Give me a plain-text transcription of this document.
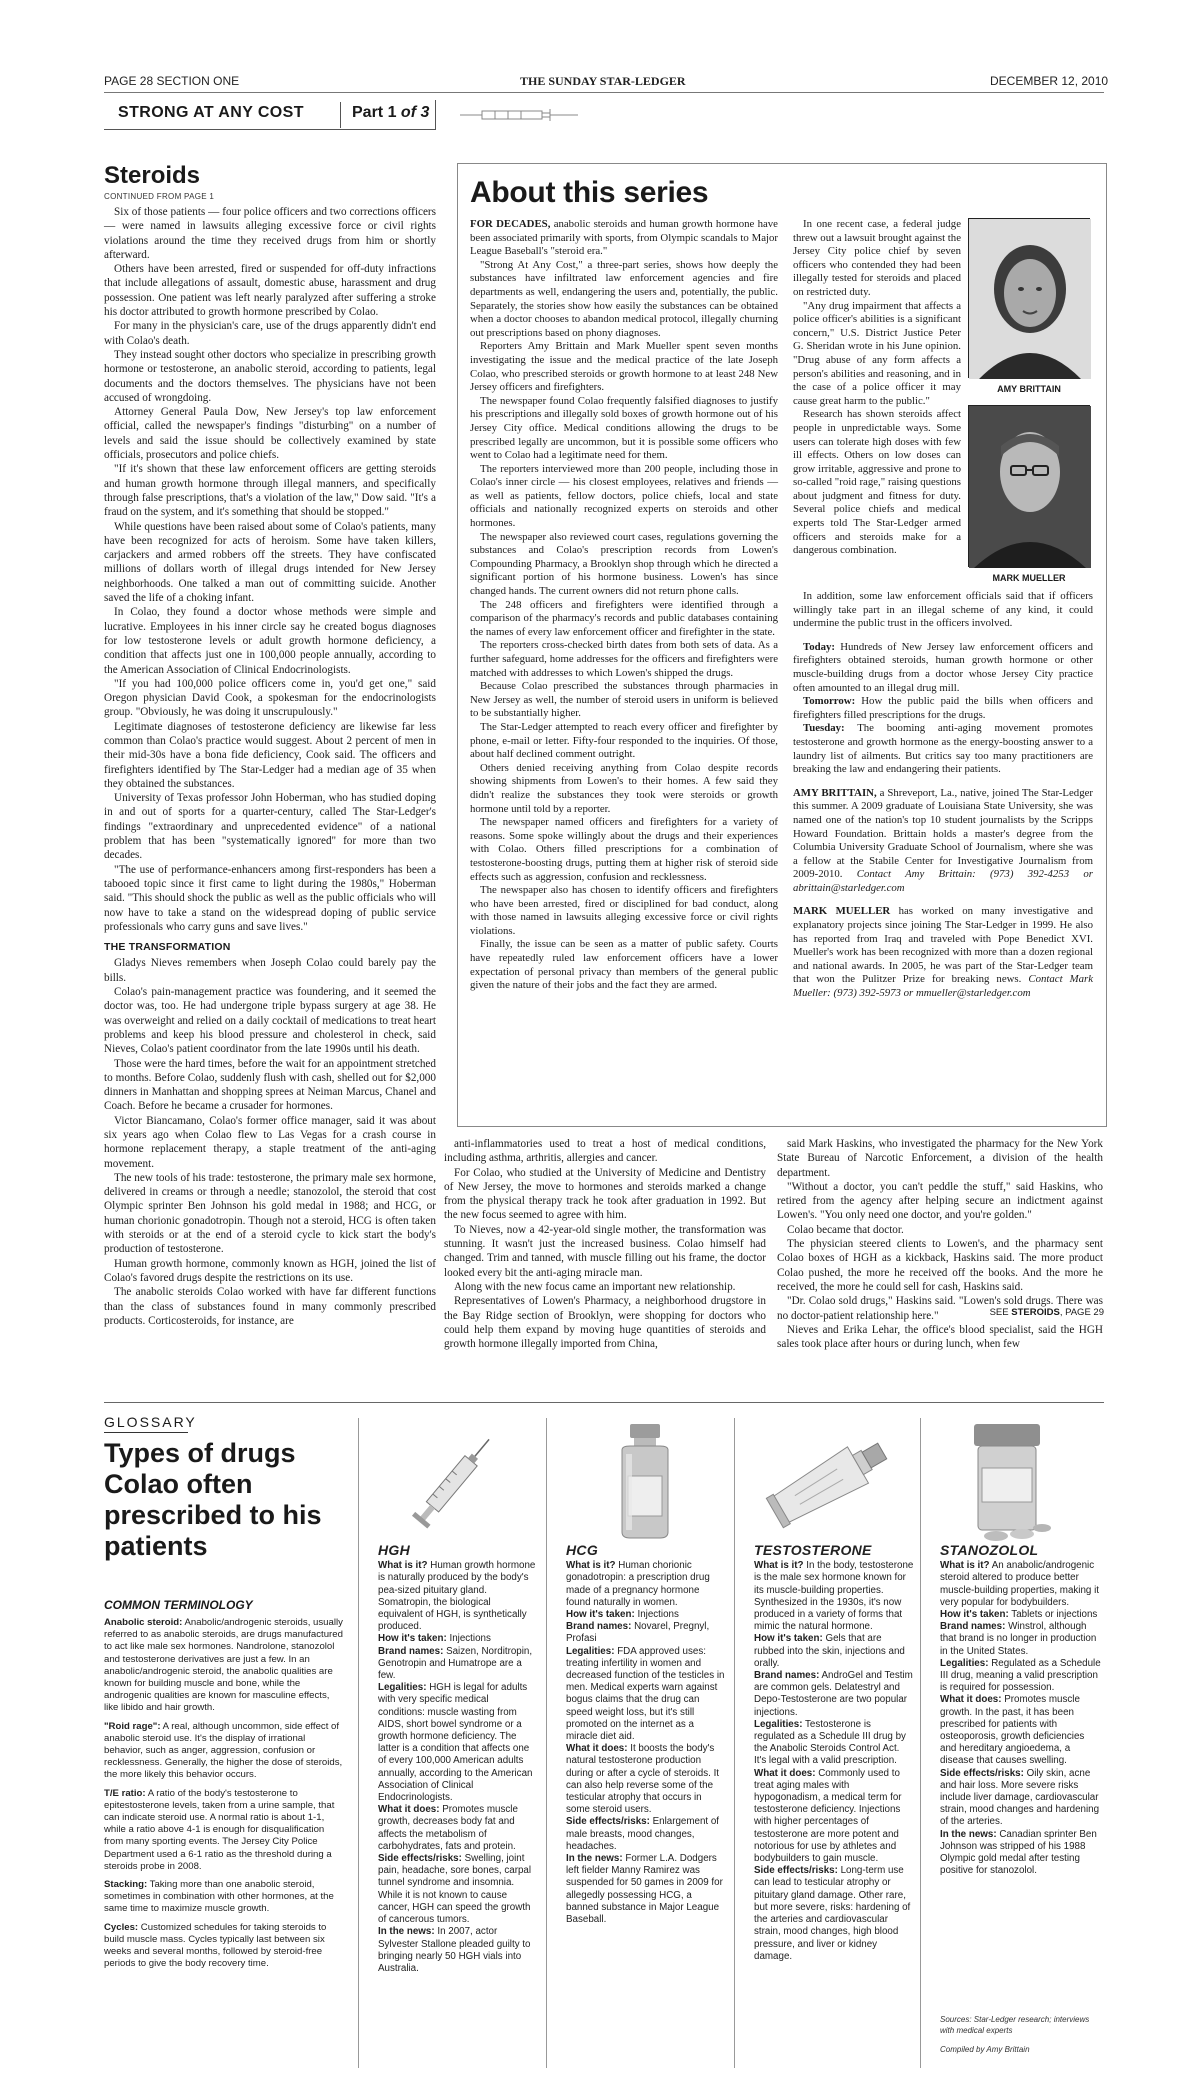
PAGE 28 SECTION ONE	THE SUNDAY STAR-LEDGER	DECEMBER 12, 2010
STRONG AT ANY COST	Part 1 of 3
Steroids
CONTINUED FROM PAGE 1

Six of those patients — four police officers and two corrections officers — were named in lawsuits alleging excessive force or civil rights violations around the time they received drugs from him or shortly afterward.

Others have been arrested, fired or suspended for off-duty infractions that include allegations of assault, domestic abuse, harassment and drug possession. One patient was left nearly paralyzed after suffering a stroke his doctor attributed to growth hormone prescribed by Colao.

For many in the physician's care, use of the drugs apparently didn't end with Colao's death.

They instead sought other doctors who specialize in prescribing growth hormone or testosterone, an anabolic steroid, according to patients, legal documents and the doctors themselves. The physicians have not been accused of wrongdoing.

Attorney General Paula Dow, New Jersey's top law enforcement official, called the newspaper's findings "disturbing" on a number of levels and said the issue should be collectively examined by state officials, prosecutors and police chiefs.

"If it's shown that these law enforcement officers are getting steroids and human growth hormone through illegal manners, and specifically through false prescriptions, that's a violation of the law," Dow said. "It's a fraud on the system, and it's something that should be stopped."

While questions have been raised about some of Colao's patients, many have been recognized for acts of heroism. Some have taken killers, carjackers and armed robbers off the streets. They have confiscated millions of dollars worth of illegal drugs intended for New Jersey neighborhoods. One talked a man out of committing suicide. Another saved the life of a choking infant.

In Colao, they found a doctor whose methods were simple and lucrative. Employees in his inner circle say he created bogus diagnoses for low testosterone levels or adult growth hormone deficiency, a condition that affects just one in 100,000 people annually, according to the American Association of Clinical Endocrinologists.

"If you had 100,000 police officers come in, you'd get one," said Oregon physician David Cook, a spokesman for the endocrinologists group. "Obviously, he was doing it unscrupulously."

Legitimate diagnoses of testosterone deficiency are likewise far less common than Colao's practice would suggest. About 2 percent of men in their mid-30s have a bona fide deficiency, Cook said. The officers and firefighters identified by The Star-Ledger had a median age of 35 when they obtained the substances.

University of Texas professor John Hoberman, who has studied doping in and out of sports for a quarter-century, called The Star-Ledger's findings "extraordinary and unprecedented evidence" of a national problem that has been "systematically ignored" for more than two decades.

"The use of performance-enhancers among first-responders has been a tabooed topic since it first came to light during the 1980s," Hoberman said. "This should shock the public as well as the public officials who will now have to take a stand on the widespread doping of public service professionals who carry guns and save lives."

THE TRANSFORMATION

Gladys Nieves remembers when Joseph Colao could barely pay the bills.

Colao's pain-management practice was foundering, and it seemed the doctor was, too. He had undergone triple bypass surgery at age 38. He was overweight and relied on a daily cocktail of medications to treat heart problems and keep his blood pressure and cholesterol in check, said Nieves, Colao's patient coordinator from the late 1990s until his death.

Those were the hard times, before the wait for an appointment stretched to months. Before Colao, suddenly flush with cash, shelled out for $2,000 dinners in Manhattan and shopping sprees at Neiman Marcus, Chanel and Coach. Before he became a crusader for hormones.

Victor Biancamano, Colao's former office manager, said it was about six years ago when Colao flew to Las Vegas for a crash course in hormone replacement therapy, a staple treatment of the anti-aging movement.

The new tools of his trade: testosterone, the primary male sex hormone, delivered in creams or through a needle; stanozolol, the steroid that cost Olympic sprinter Ben Johnson his gold medal in 1988; and HCG, or human chorionic gonadotropin. Though not a steroid, HCG is often taken with steroids or at the end of a steroid cycle to kick start the body's production of testosterone.

Human growth hormone, commonly known as HGH, joined the list of Colao's favored drugs despite the restrictions on its use.

The anabolic steroids Colao worked with have far different functions than the class of substances found in many commonly prescribed products. Corticosteroids, for instance, are

About this series

FOR DECADES, anabolic steroids and human growth hormone have been associated primarily with sports, from Olympic scandals to Major League Baseball's "steroid era."

"Strong At Any Cost," a three-part series, shows how deeply the substances have infiltrated law enforcement agencies and fire departments as well, endangering the users and, potentially, the public. Separately, the stories show how easily the substances can be obtained when a doctor chooses to abandon medical protocol, illegally churning out prescriptions based on phony diagnoses.

Reporters Amy Brittain and Mark Mueller spent seven months investigating the issue and the medical practice of the late Joseph Colao, who prescribed steroids or growth hormone to at least 248 New Jersey officers and firefighters.

The newspaper found Colao frequently falsified diagnoses to justify his prescriptions and illegally sold boxes of growth hormone out of his Jersey City office. Medical conditions allowing the drugs to be prescribed legally are uncommon, but it is possible some officers who went to Colao had a legitimate need for them.

The reporters interviewed more than 200 people, including those in Colao's inner circle — his closest employees, relatives and friends — as well as patients, fellow doctors, police chiefs, local and state officials and nationally recognized experts on steroids and other hormones.

The newspaper also reviewed court cases, regulations governing the substances and Colao's prescription records from Lowen's Compounding Pharmacy, a Brooklyn shop through which he directed a significant portion of his hormone business. Lowen's has since changed hands. The current owners did not return phone calls.

The 248 officers and firefighters were identified through a comparison of the pharmacy's records and public databases containing the names of every law enforcement officer and firefighter in the state.

The reporters cross-checked birth dates from both sets of data. As a further safeguard, home addresses for the officers and firefighters were matched with addresses to which Lowen's shipped the drugs.

Because Colao prescribed the substances through pharmacies in New Jersey as well, the number of steroid users in uniform is believed to be substantially higher.

The Star-Ledger attempted to reach every officer and firefighter by phone, e-mail or letter. Fifty-four responded to the inquiries. Of those, about half declined comment outright.

Others denied receiving anything from Colao despite records showing shipments from Lowen's to their homes. A few said they didn't realize the substances they took were steroids or growth hormone until told by a reporter.

The newspaper named officers and firefighters for a variety of reasons. Some spoke willingly about the drugs and their experiences with Colao. Others filled prescriptions for a combination of testosterone-boosting drugs, putting them at higher risk of steroid side effects such as aggression, confusion and recklessness.

The newspaper also has chosen to identify officers and firefighters who have been arrested, fired or disciplined for bad conduct, along with those named in lawsuits alleging excessive force or civil rights violations.

Finally, the issue can be seen as a matter of public safety. Courts have repeatedly ruled law enforcement officers have a lower expectation of personal privacy than members of the general public given the nature of their jobs and the fact they are armed.

AMY BRITTAIN
MARK MUELLER

In one recent case, a federal judge threw out a lawsuit brought against the Jersey City police chief by seven officers who contended they had been illegally tested for steroids and placed on restricted duty.

"Any drug impairment that affects a police officer's abilities is a significant concern," U.S. District Justice Peter G. Sheridan wrote in his June opinion. "Drug abuse of any form affects a person's abilities and reasoning, and in the case of a police officer it may cause great harm to the public."

Research has shown steroids affect people in unpredictable ways. Some users can tolerate high doses with few ill effects. Others on low doses can grow irritable, aggressive and prone to so-called "roid rage," raising questions about judgment and fitness for duty. Several police chiefs and medical experts told The Star-Ledger armed officers and steroids make for a dangerous combination.

In addition, some law enforcement officials said that if officers willingly take part in an illegal scheme of any kind, it could undermine the public trust in the officers involved.

Today: Hundreds of New Jersey law enforcement officers and firefighters obtained steroids, human growth hormone or other muscle-building drugs from a doctor whose Jersey City practice often amounted to an illegal drug mill.

Tomorrow: How the public paid the bills when officers and firefighters filled prescriptions for the drugs.

Tuesday: The booming anti-aging movement promotes testosterone and growth hormone as the energy-boosting answer to a laundry list of ailments. But critics say too many practitioners are breaking the law and endangering their patients.

AMY BRITTAIN, a Shreveport, La., native, joined The Star-Ledger this summer. A 2009 graduate of Louisiana State University, she was named one of the nation's top 10 student journalists by the Scripps Howard Foundation. Brittain holds a master's degree from the Columbia University Graduate School of Journalism, where she was a fellow at the Stabile Center for Investigative Journalism from 2009-2010. Contact Amy Brittain: (973) 392-4253 or abrittain@starledger.com

MARK MUELLER has worked on many investigative and explanatory projects since joining The Star-Ledger in 1999. He also has reported from Iraq and traveled with Pope Benedict XVI. Mueller's work has been recognized with more than a dozen regional and national awards. In 2005, he was part of the Star-Ledger team that won the Pulitzer Prize for breaking news. Contact Mark Mueller: (973) 392-5973 or mmueller@starledger.com

anti-inflammatories used to treat a host of medical conditions, including asthma, arthritis, allergies and cancer.

For Colao, who studied at the University of Medicine and Dentistry of New Jersey, the move to hormones and steroids marked a change from the physical therapy track he took after graduation in 1992. But the new focus seemed to agree with him.

To Nieves, now a 42-year-old single mother, the transformation was stunning. It wasn't just the increased business. Colao himself had changed. Trim and tanned, with muscle filling out his frame, the doctor looked every bit the anti-aging miracle man.

Along with the new focus came an important new relationship.

Representatives of Lowen's Pharmacy, a neighborhood drugstore in the Bay Ridge section of Brooklyn, were shopping for doctors who could help them expand by moving huge quantities of steroids and growth hormone illegally imported from China,

said Mark Haskins, who investigated the pharmacy for the New York State Bureau of Narcotic Enforcement, a division of the health department.

"Without a doctor, you can't peddle the stuff," said Haskins, who retired from the agency after helping secure an indictment against Lowen's. "You only need one doctor, and you're golden."

Colao became that doctor.

The physician steered clients to Lowen's, and the pharmacy sent Colao boxes of HGH as a kickback, Haskins said. The more product Colao pushed, the more he received off the books. And the more he received, the more he could sell for cash, Haskins said.

"Dr. Colao sold drugs," Haskins said. "Lowen's sold drugs. There was no doctor-patient relationship here."

Nieves and Erika Lehar, the office's blood specialist, said the HGH sales took place after hours or during lunch, when few

SEE STEROIDS, PAGE 29
GLOSSARY
Types of drugs Colao often prescribed to his patients
COMMON TERMINOLOGY

Anabolic steroid: Anabolic/androgenic steroids, usually referred to as anabolic steroids, are drugs manufactured to act like male sex hormones. Nandrolone, stanozolol and testosterone derivatives are just a few. In an anabolic/androgenic steroid, the anabolic qualities are known for building muscle and bone, while the androgenic qualities are known for masculine effects, like libido and hair growth.

"Roid rage": A real, although uncommon, side effect of anabolic steroid use. It's the display of irrational behavior, such as anger, aggression, confusion or recklessness. Generally, the higher the dose of steroids, the more likely this behavior occurs.

T/E ratio: A ratio of the body's testosterone to epitestosterone levels, taken from a urine sample, that can indicate steroid use. A normal ratio is about 1-1, while a ratio above 4-1 is enough for disqualification from many sporting events. The Jersey City Police Department used a 6-1 ratio as the threshold during a steroids probe in 2008.

Stacking: Taking more than one anabolic steroid, sometimes in combination with other hormones, at the same time to maximize muscle growth.

Cycles: Customized schedules for taking steroids to build muscle mass. Cycles typically last between six weeks and several months, followed by steroid-free periods to give the body recovery time.

HGH
What is it? Human growth hormone is naturally produced by the body's pea-sized pituitary gland. Somatropin, the biological equivalent of HGH, is synthetically produced.
How it's taken: Injections
Brand names: Saizen, Norditropin, Genotropin and Humatrope are a few.
Legalities: HGH is legal for adults with very specific medical conditions: muscle wasting from AIDS, short bowel syndrome or a growth hormone deficiency. The latter is a condition that affects one of every 100,000 American adults annually, according to the American Association of Clinical Endocrinologists.
What it does: Promotes muscle growth, decreases body fat and affects the metabolism of carbohydrates, fats and protein.
Side effects/risks: Swelling, joint pain, headache, sore bones, carpal tunnel syndrome and insomnia. While it is not known to cause cancer, HGH can speed the growth of cancerous tumors.
In the news: In 2007, actor Sylvester Stallone pleaded guilty to bringing nearly 50 HGH vials into Australia.
HCG
What is it? Human chorionic gonadotropin: a prescription drug made of a pregnancy hormone found naturally in women.
How it's taken: Injections
Brand names: Novarel, Pregnyl, Profasi
Legalities: FDA approved uses: treating infertility in women and decreased function of the testicles in men. Medical experts warn against bogus claims that the drug can speed weight loss, but it's still promoted on the internet as a miracle diet aid.
What it does: It boosts the body's natural testosterone production during or after a cycle of steroids. It can also help reverse some of the testicular atrophy that occurs in some steroid users.
Side effects/risks: Enlargement of male breasts, mood changes, headaches.
In the news: Former L.A. Dodgers left fielder Manny Ramirez was suspended for 50 games in 2009 for allegedly possessing HCG, a banned substance in Major League Baseball.
TESTOSTERONE
What is it? In the body, testosterone is the male sex hormone known for its muscle-building properties. Synthesized in the 1930s, it's now produced in a variety of forms that mimic the natural hormone.
How it's taken: Gels that are rubbed into the skin, injections and orally.
Brand names: AndroGel and Testim are common gels. Delatestryl and Depo-Testosterone are two popular injections.
Legalities: Testosterone is regulated as a Schedule III drug by the Anabolic Steroids Control Act. It's legal with a valid prescription.
What it does: Commonly used to treat aging males with hypogonadism, a medical term for testosterone deficiency. Injections with higher percentages of testosterone are more potent and notorious for use by athletes and bodybuilders to gain muscle.
Side effects/risks: Long-term use can lead to testicular atrophy or pituitary gland damage. Other rare, but more severe, risks: hardening of the arteries and cardiovascular strain, mood changes, high blood pressure, and liver or kidney damage.
STANOZOLOL
What is it? An anabolic/androgenic steroid altered to produce better muscle-building properties, making it very popular for bodybuilders.
How it's taken: Tablets or injections
Brand names: Winstrol, although that brand is no longer in production in the United States.
Legalities: Regulated as a Schedule III drug, meaning a valid prescription is required for possession.
What it does: Promotes muscle growth. In the past, it has been prescribed for patients with osteoporosis, growth deficiencies and hereditary angioedema, a disease that causes swelling.
Side effects/risks: Oily skin, acne and hair loss. More severe risks include liver damage, cardiovascular strain, mood changes and hardening of the arteries.
In the news: Canadian sprinter Ben Johnson was stripped of his 1988 Olympic gold medal after testing positive for stanozolol.
Sources: Star-Ledger research; interviews with medical experts
Compiled by Amy Brittain
